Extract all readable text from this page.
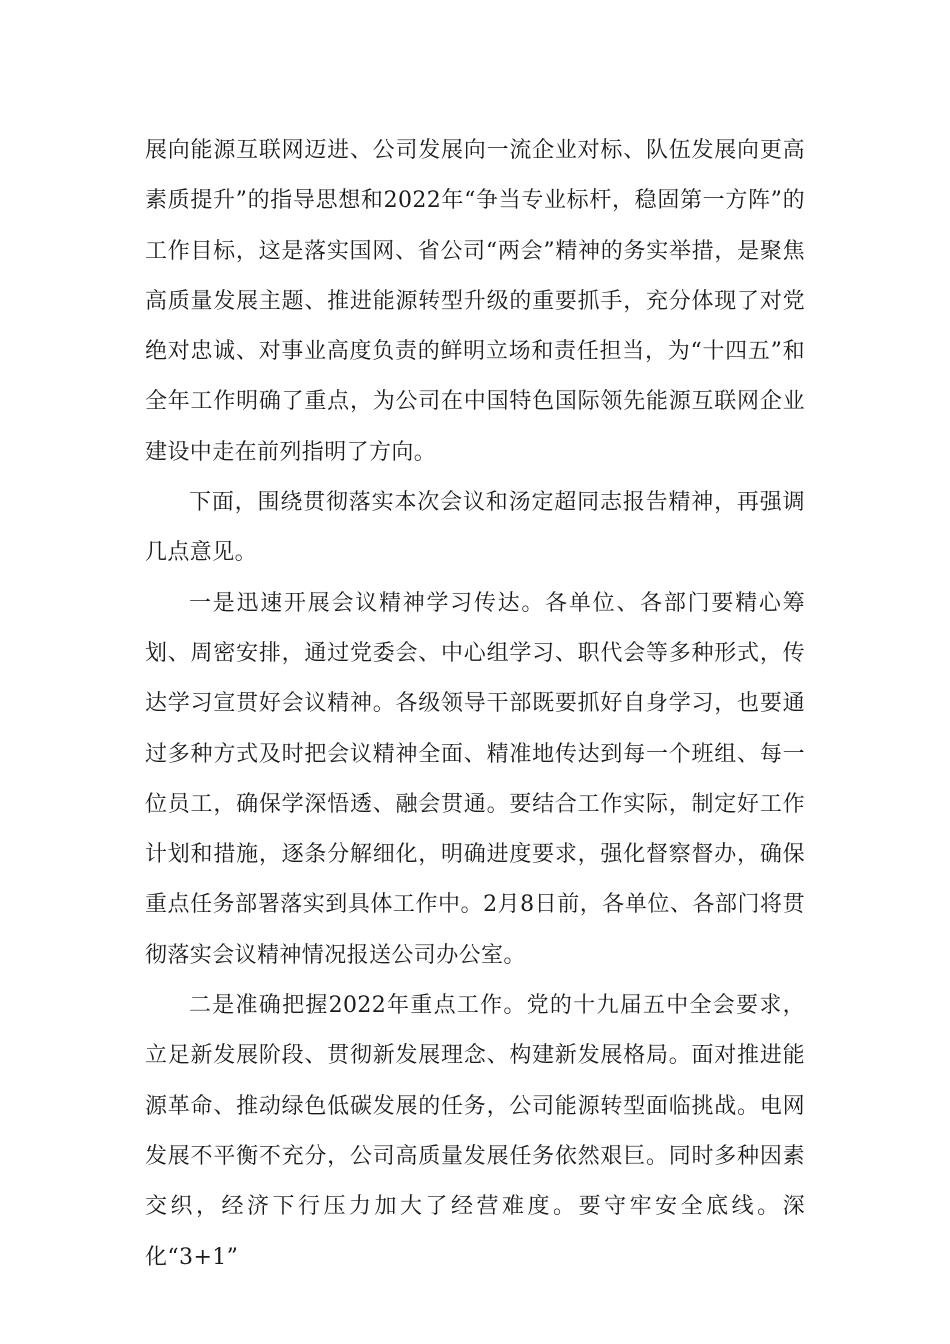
展向能源互联网迈进、公司发展向一流企业对标、队伍发展向更高素质提升”的指导思想和2022年“争当专业标杆，稳固第一方阵”的工作目标，这是落实国网、省公司“两会”精神的务实举措，是聚焦高质量发展主题、推进能源转型升级的重要抓手，充分体现了对党绝对忠诚、对事业高度负责的鲜明立场和责任担当，为“十四五”和全年工作明确了重点，为公司在中国特色国际领先能源互联网企业建设中走在前列指明了方向。

下面，围绕贯彻落实本次会议和汤定超同志报告精神，再强调几点意见。

一是迅速开展会议精神学习传达。各单位、各部门要精心筹划、周密安排，通过党委会、中心组学习、职代会等多种形式，传达学习宣贯好会议精神。各级领导干部既要抓好自身学习，也要通过多种方式及时把会议精神全面、精准地传达到每一个班组、每一位员工，确保学深悟透、融会贯通。要结合工作实际，制定好工作计划和措施，逐条分解细化，明确进度要求，强化督察督办，确保重点任务部署落实到具体工作中。2月8日前，各单位、各部门将贯彻落实会议精神情况报送公司办公室。

二是准确把握2022年重点工作。党的十九届五中全会要求，立足新发展阶段、贯彻新发展理念、构建新发展格局。面对推进能源革命、推动绿色低碳发展的任务，公司能源转型面临挑战。电网发展不平衡不充分，公司高质量发展任务依然艰巨。同时多种因素交织，经济下行压力加大了经营难度。要守牢安全底线。深化“3+1”
